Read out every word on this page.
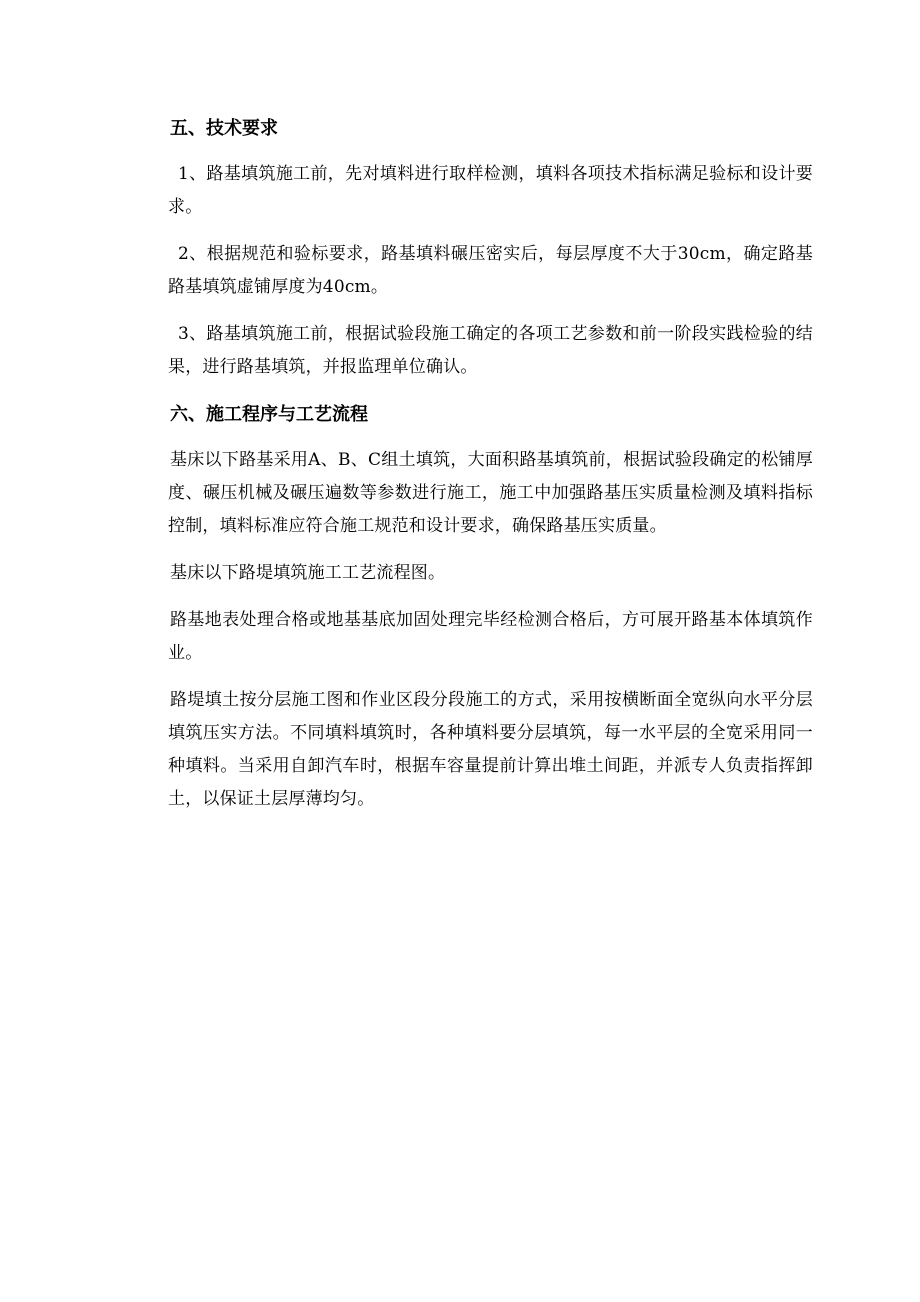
五、技术要求

1、路基填筑施工前，先对填料进行取样检测，填料各项技术指标满足验标和设计要求。

2、根据规范和验标要求，路基填料碾压密实后，每层厚度不大于30cm，确定路基路基填筑虚铺厚度为40cm。

3、路基填筑施工前，根据试验段施工确定的各项工艺参数和前一阶段实践检验的结果，进行路基填筑，并报监理单位确认。

六、施工程序与工艺流程

基床以下路基采用A、B、C组土填筑，大面积路基填筑前，根据试验段确定的松铺厚度、碾压机械及碾压遍数等参数进行施工，施工中加强路基压实质量检测及填料指标控制，填料标准应符合施工规范和设计要求，确保路基压实质量。

基床以下路堤填筑施工工艺流程图。

路基地表处理合格或地基基底加固处理完毕经检测合格后，方可展开路基本体填筑作业。

路堤填土按分层施工图和作业区段分段施工的方式，采用按横断面全宽纵向水平分层填筑压实方法。不同填料填筑时，各种填料要分层填筑，每一水平层的全宽采用同一种填料。当采用自卸汽车时，根据车容量提前计算出堆土间距，并派专人负责指挥卸土，以保证土层厚薄均匀。
